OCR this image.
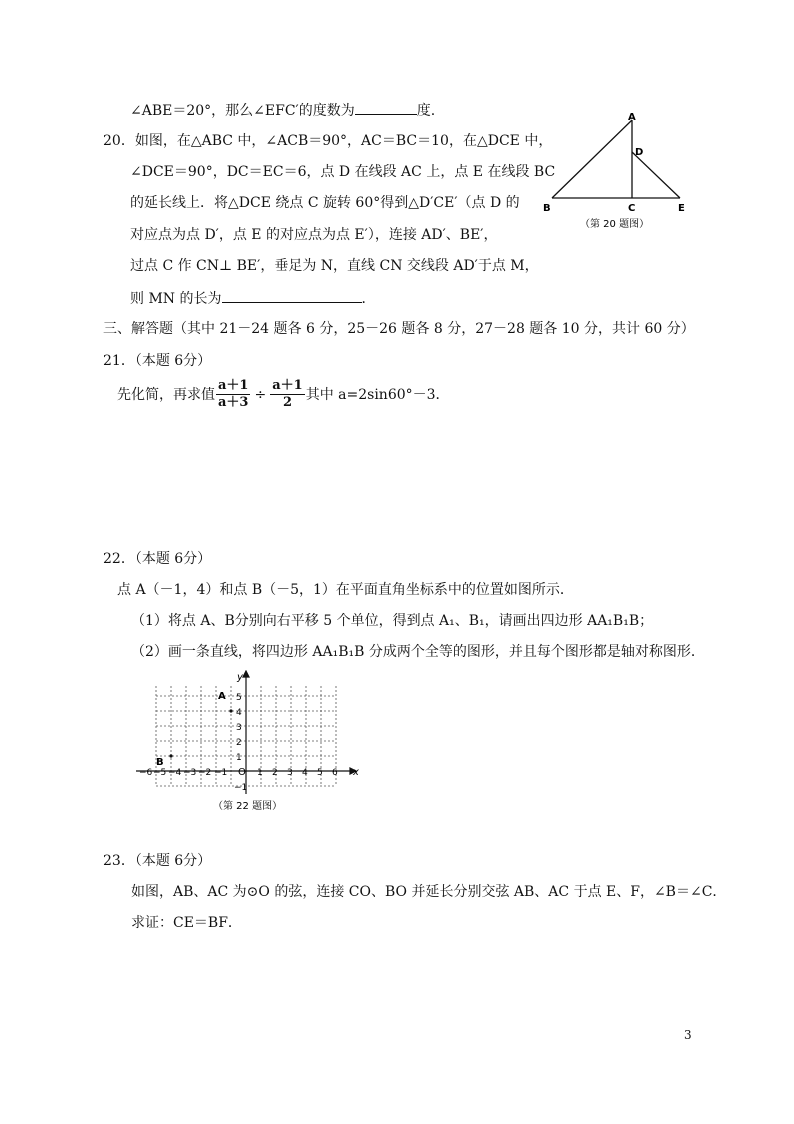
∠ABE＝20°，那么∠EFC′的度数为	度.
20．如图，在△ABC 中，∠ACB＝90°，AC＝BC＝10，在△DCE 中，
∠DCE＝90°，DC＝EC＝6，点 D 在线段 AC 上，点 E 在线段 BC
的延长线上．将△DCE 绕点 C 旋转 60°得到△D′CE′（点 D 的
对应点为点 D′，点 E 的对应点为点 E′），连接 AD′、BE′，
过点 C 作 CN⊥ BE′，垂足为 N，直线 CN 交线段 AD′于点 M，
则 MN 的长为	．
A
D
B	C	E
（第 20 题图）
三、解答题（其中 21－24 题各 6 分，25－26 题各 8 分，27－28 题各 10 分，共计 60 分）
21．（本题 6分）
先化简，再求值 $\frac{a+1}{a+3} \div \frac{a+1}{2}$ 其中 a=2sin60°－3．
22．（本题 6分）
点 A（－1，4）和点 B（－5，1）在平面直角坐标系中的位置如图所示．
（1）将点 A、B分别向右平移 5 个单位，得到点 A₁、B₁，请画出四边形 AA₁B₁B；
（2）画一条直线，将四边形 AA₁B₁B 分成两个全等的图形，并且每个图形都是轴对称图形．
x
y
O
−6 −5 −4 −3 −2 −1	1 2 3 4 5 6
5
4
3
2
1
−1
A
B
（第 22 题图）
23．（本题 6分）
如图，AB、AC 为⊙O 的弦，连接 CO、BO 并延长分别交弦 AB、AC 于点 E、F，∠B＝∠C．
求证：CE＝BF．
3
